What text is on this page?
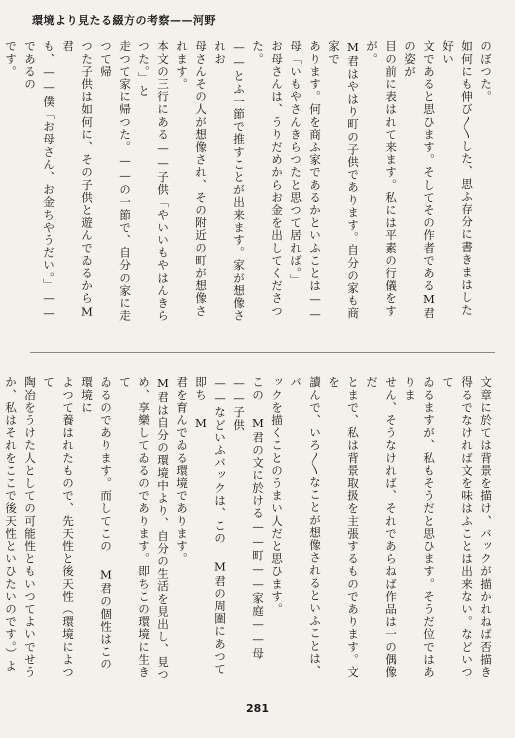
環境より見たる綴方の考察——河野
のぼつた。
如何にも伸び〳〵した、思ふ存分に書きまはした好い
文であると思ひます。そしてその作者であるM君の姿が
目の前に表はれて来ます。私には平素の行儀をすが。
M君はやはり町の子供であります。自分の家も商家で
あります。何を商ふ家であるかといふことは——
母「いもやさんきらつたと思つて居れば。」
お母さんは、うりだめからお金を出してくださつた。
——とふ一節で推すことが出来ます。家が想像されお
母さんその人が想像され、その附近の町が想像されます。
本文の三行にある——子供「やいいもやはんきらつた。」と
走つて家に帰つた。——の一節で、自分の家に走つて帰
つた子供は如何に、その子供と遊んでゐるからM君
も、——僕「お母さん、お金ちやうだい。」——であるの
です。
文章に於ては背景を描け、バックが描かれねば否描き
得るでなければ文を味はふことは出来ない。などいつて
ゐるますが、私もそうだと思ひます。そうだ位ではありま
せん、そうなければ、それであらねば作品は一の偶像だ
とまで、私は背景取扱を主張するものであります。文を
讀んで、いろ〳〵なことが想像されるといふことは、バ
ックを描くことのうまい人だと思ひます。
この M君の文に於ける——町——家庭——母——子供
——などいふバックは、この M君の周圍にあつて即ち M
君を育んでゐる環境であります。
M君は自分の環境中より、自分の生活を見出し、見つ
め、享樂してゐるのであります。即ちこの環境に生きて
ゐるのであります。而してこの M君の個性はこの環境に
よつて養はれたもので、先天性と後天性（環境によつて
陶冶をうけた人としての可能性ともいつてよいでせう
か、私はそれをここで後天性といひたいのです。）よ
281
